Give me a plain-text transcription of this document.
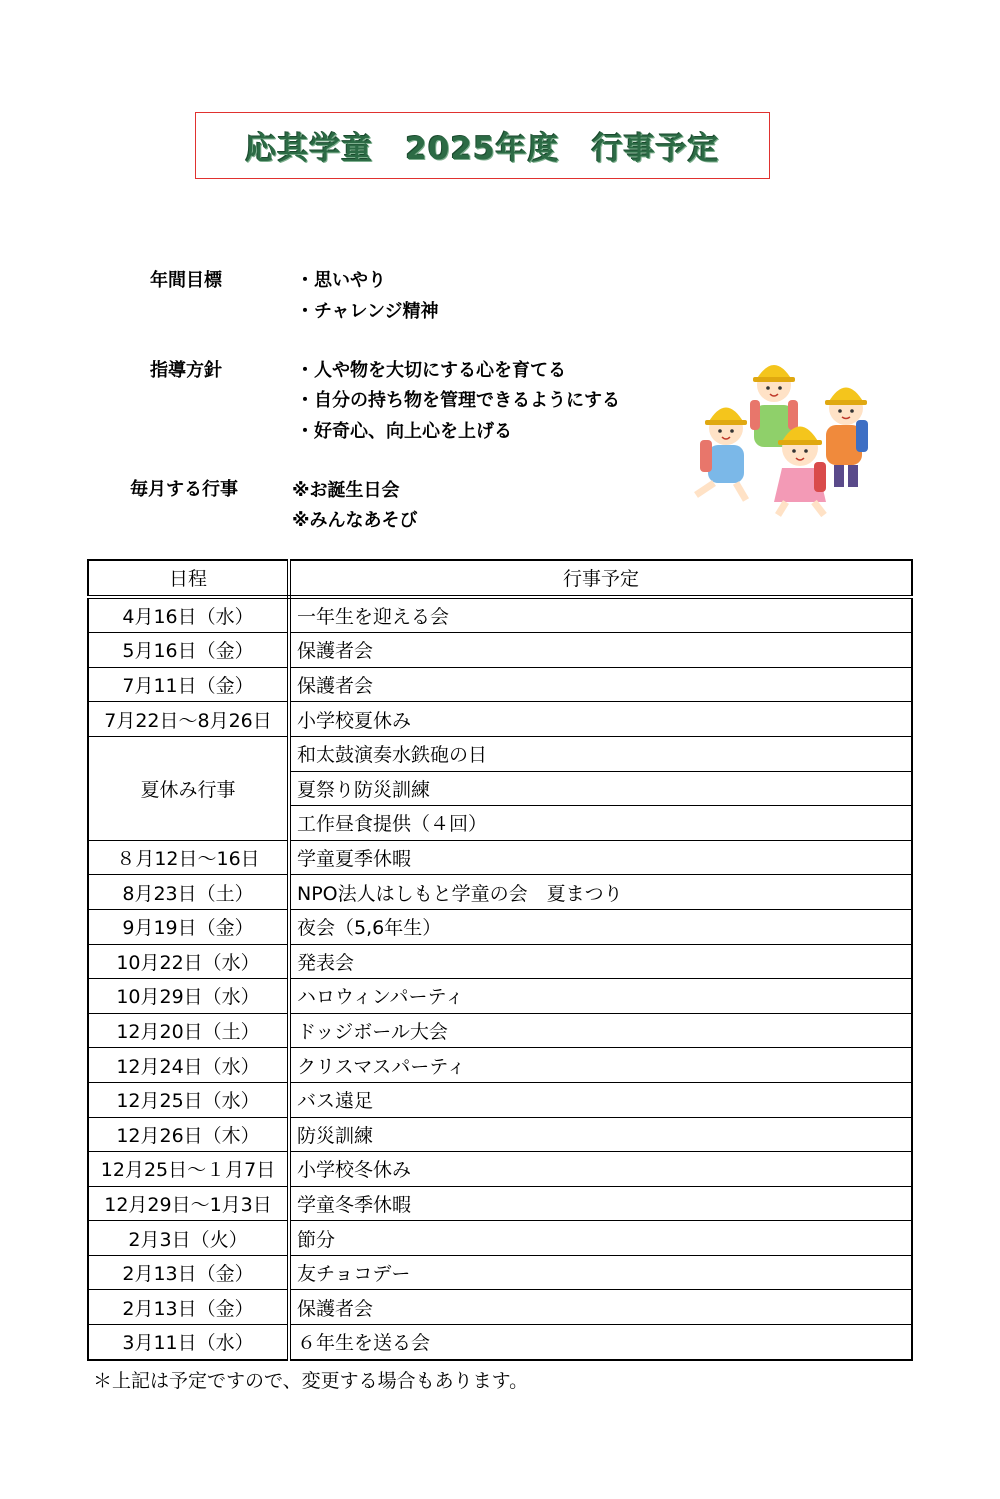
応其学童　2025年度　行事予定
年間目標	・思いやり
・チャレンジ精神
指導方針	・人や物を大切にする心を育てる
・自分の持ち物を管理できるようにする
・好奇心、向上心を上げる
毎月する行事	※お誕生日会
※みんなあそび
日程	行事予定
4月16日（水）	一年生を迎える会
5月16日（金）	保護者会
7月11日（金）	保護者会
7月22日～8月26日	小学校夏休み
夏休み行事	和太鼓演奏水鉄砲の日
	夏祭り防災訓練
	工作昼食提供（４回）
８月12日～16日	学童夏季休暇
8月23日（土）	NPO法人はしもと学童の会　夏まつり
9月19日（金）	夜会（5,6年生）
10月22日（水）	発表会
10月29日（水）	ハロウィンパーティ
12月20日（土）	ドッジボール大会
12月24日（水）	クリスマスパーティ
12月25日（水）	バス遠足
12月26日（木）	防災訓練
12月25日～１月7日	小学校冬休み
12月29日～1月3日	学童冬季休暇
2月3日（火）	節分
2月13日（金）	友チョコデー
2月13日（金）	保護者会
3月11日（水）	６年生を送る会
＊上記は予定ですので、変更する場合もあります。
